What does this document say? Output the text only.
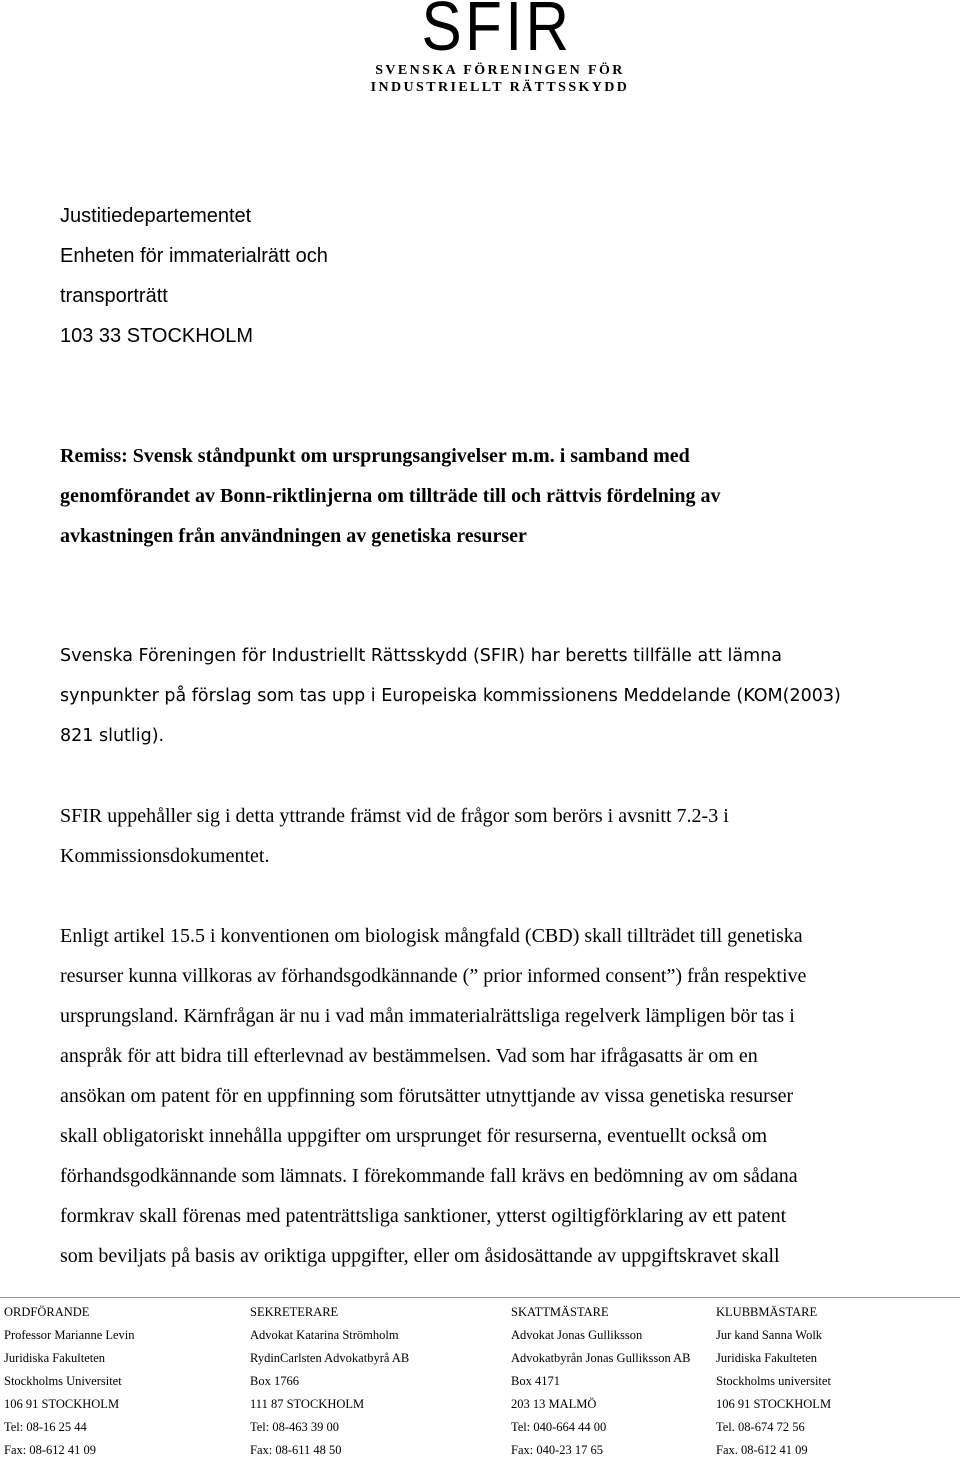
SFIR
SVENSKA FÖRENINGEN FÖR
INDUSTRIELLT RÄTTSSKYDD
Justitiedepartementet
Enheten för immaterialrätt och
transporträtt
103 33 STOCKHOLM
Remiss: Svensk ståndpunkt om ursprungsangivelser m.m. i samband med
genomförandet av Bonn-riktlinjerna om tillträde till och rättvis fördelning av
avkastningen från användningen av genetiska resurser
Svenska Föreningen för Industriellt Rättsskydd (SFIR) har beretts tillfälle att lämna
synpunkter på förslag som tas upp i Europeiska kommissionens Meddelande (KOM(2003)
821 slutlig).
SFIR uppehåller sig i detta yttrande främst vid de frågor som berörs i avsnitt 7.2-3 i
Kommissionsdokumentet.
Enligt artikel 15.5 i konventionen om biologisk mångfald (CBD) skall tillträdet till genetiska
resurser kunna villkoras av förhandsgodkännande (” prior informed consent”) från respektive
ursprungsland. Kärnfrågan är nu i vad mån immaterialrättsliga regelverk lämpligen bör tas i
anspråk för att bidra till efterlevnad av bestämmelsen. Vad som har ifrågasatts är om en
ansökan om patent för en uppfinning som förutsätter utnyttjande av vissa genetiska resurser
skall obligatoriskt innehålla uppgifter om ursprunget för resurserna, eventuellt också om
förhandsgodkännande som lämnats. I förekommande fall krävs en bedömning av om sådana
formkrav skall förenas med patenträttsliga sanktioner, ytterst ogiltigförklaring av ett patent
som beviljats på basis av oriktiga uppgifter, eller om åsidosättande av uppgiftskravet skall
ORDFÖRANDE
Professor Marianne Levin
Juridiska Fakulteten
Stockholms Universitet
106 91 STOCKHOLM
Tel: 08-16 25 44
Fax: 08-612 41 09
SEKRETERARE
Advokat Katarina Strömholm
RydinCarlsten Advokatbyrå AB
Box 1766
111 87 STOCKHOLM
Tel: 08-463 39 00
Fax: 08-611 48 50
SKATTMÄSTARE
Advokat Jonas Gulliksson
Advokatbyrån Jonas Gulliksson AB
Box 4171
203 13 MALMÖ
Tel: 040-664 44 00
Fax: 040-23 17 65
KLUBBMÄSTARE
Jur kand Sanna Wolk
Juridiska Fakulteten
Stockholms universitet
106 91 STOCKHOLM
Tel. 08-674 72 56
Fax. 08-612 41 09
